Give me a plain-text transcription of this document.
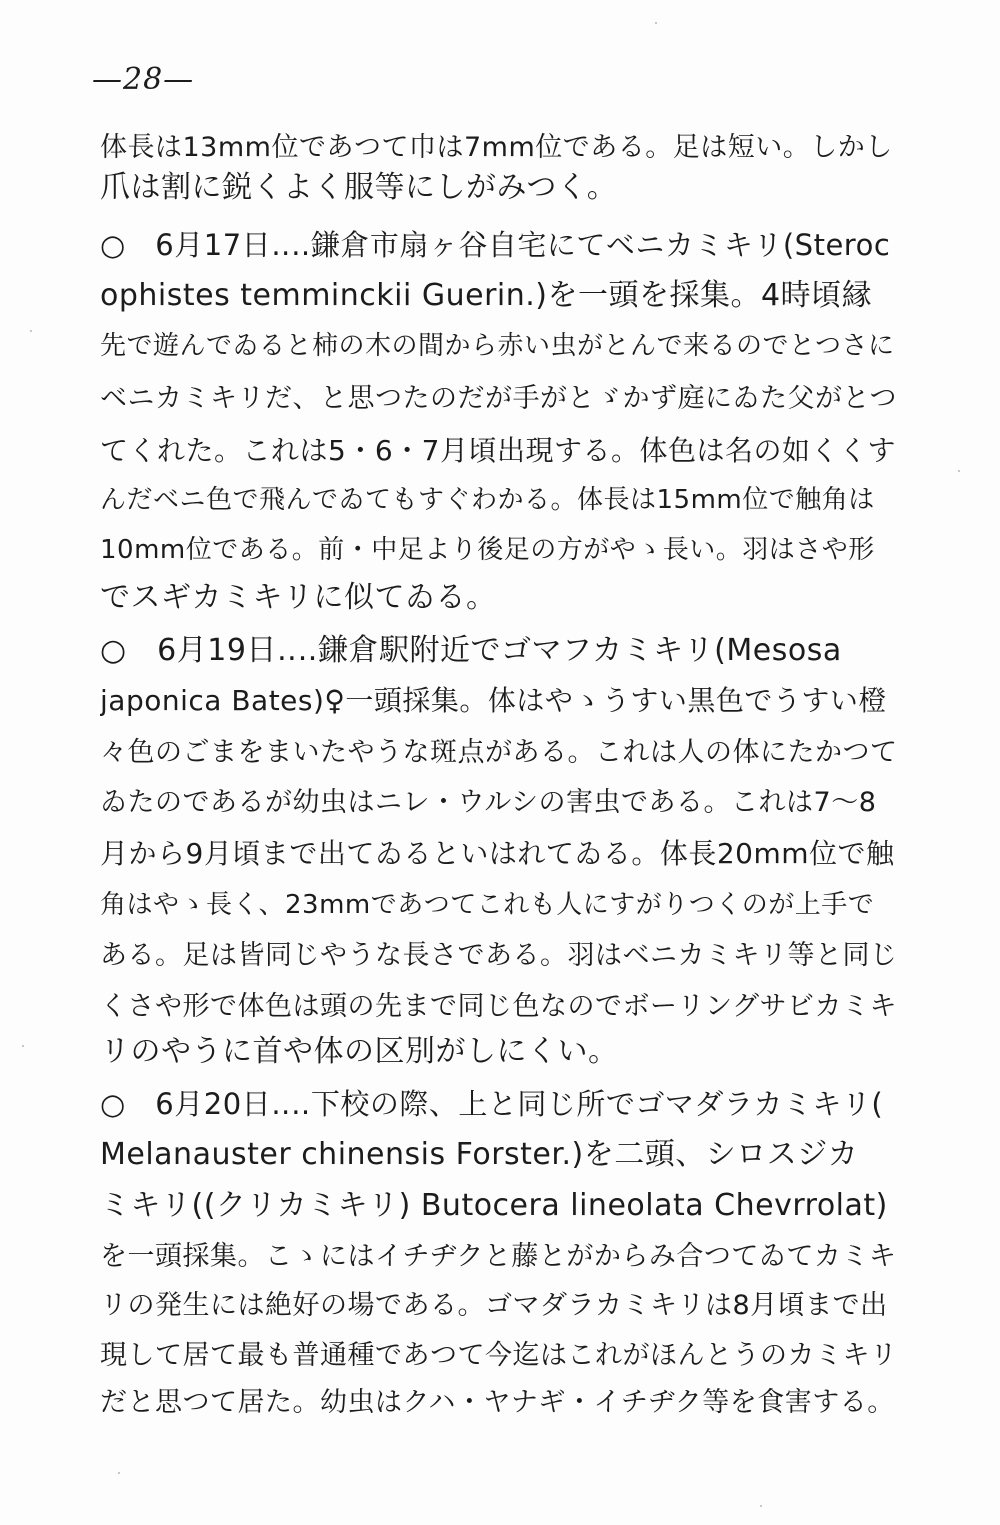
—28—
体長は13mm位であつて巾は7mm位である。足は短い。しかし
爪は割に鋭くよく服等にしがみつく。
○　6月17日‥‥鎌倉市扇ヶ谷自宅にてベニカミキリ(Steroc
ophistes temminckii Guerin.)を一頭を採集。4時頃縁
先で遊んでゐると柿の木の間から赤い虫がとんで来るのでとつさに
ベニカミキリだ、と思つたのだが手がとゞかず庭にゐた父がとつ
てくれた。これは5・6・7月頃出現する。体色は名の如くくす
んだベニ色で飛んでゐてもすぐわかる。体長は15mm位で触角は
10mm位である。前・中足より後足の方がやゝ長い。羽はさや形
でスギカミキリに似てゐる。
○　6月19日‥‥鎌倉駅附近でゴマフカミキリ(Mesosa
japonica Bates)♀一頭採集。体はやゝうすい黒色でうすい橙
々色のごまをまいたやうな斑点がある。これは人の体にたかつて
ゐたのであるが幼虫はニレ・ウルシの害虫である。これは7～8
月から9月頃まで出てゐるといはれてゐる。体長20mm位で触
角はやゝ長く、23mmであつてこれも人にすがりつくのが上手で
ある。足は皆同じやうな長さである。羽はベニカミキリ等と同じ
くさや形で体色は頭の先まで同じ色なのでボーリングサビカミキ
リのやうに首や体の区別がしにくい。
○　6月20日‥‥下校の際、上と同じ所でゴマダラカミキリ(
Melanauster chinensis Forster.)を二頭、シロスジカ
ミキリ((クリカミキリ) Butocera lineolata Chevrrolat)
を一頭採集。こゝにはイチヂクと藤とがからみ合つてゐてカミキ
リの発生には絶好の場である。ゴマダラカミキリは8月頃まで出
現して居て最も普通種であつて今迄はこれがほんとうのカミキリ
だと思つて居た。幼虫はクハ・ヤナギ・イチヂク等を食害する。
